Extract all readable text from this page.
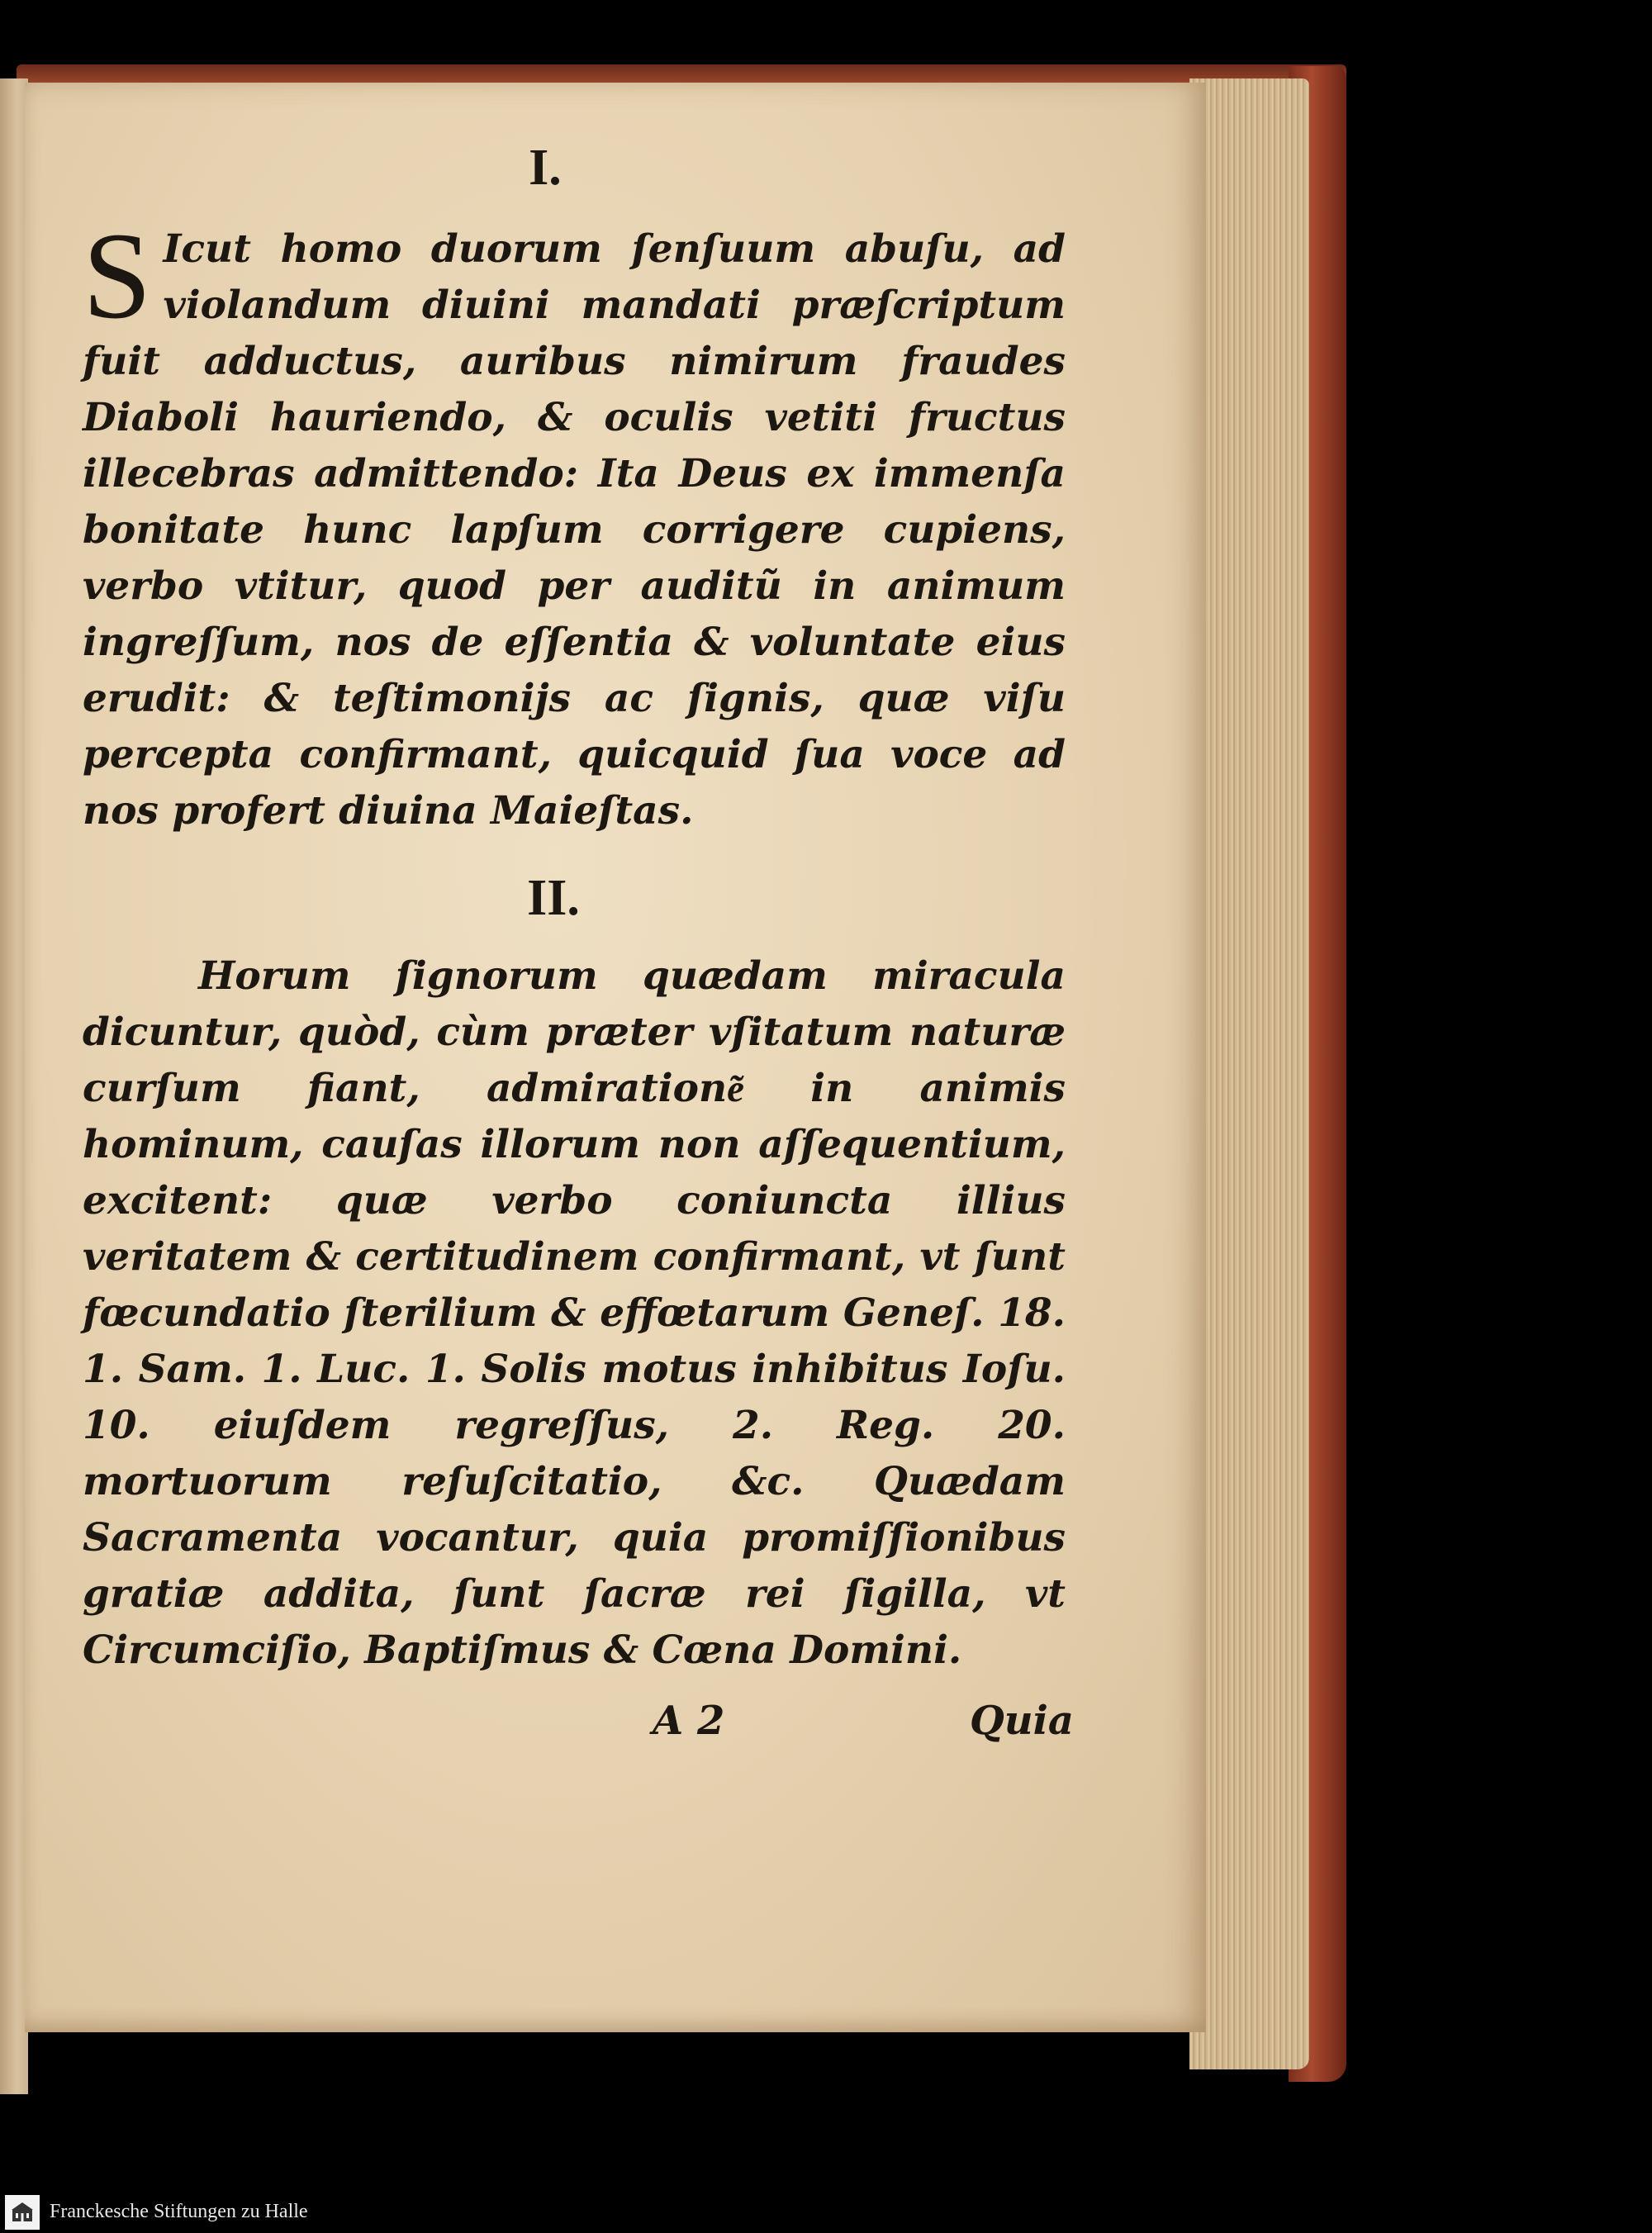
I.
S Icut homo duorum ſenſuum abuſu, ad violandum diuini mandati præſcriptum fuit adductus, auribus nimirum fraudes Diaboli hauriendo, & oculis vetiti fructus illecebras admittendo: Ita Deus ex immenſa bonitate hunc lapſum corrigere cupiens, verbo vtitur, quod per auditũ in animum ingreſſum, nos de eſſentia & voluntate eius erudit: & teſtimonijs ac ſignis, quæ viſu percepta confirmant, quicquid ſua voce ad nos profert diuina Maieſtas.
II.
Horum ſignorum quædam miracula dicuntur, quòd, cùm præter vſitatum naturæ curſum fiant, admiratione͂ in animis hominum, cauſas illorum non aſſequentium, excitent: quæ verbo coniuncta illius veritatem & certitudinem confirmant, vt ſunt fœcundatio ſterilium & effœtarum Geneſ. 18. 1. Sam. 1. Luc. 1. Solis motus inhibitus Ioſu. 10. eiuſdem regreſſus, 2. Reg. 20. mortuorum reſuſcitatio, &c. Quædam Sacramenta vocantur, quia promiſſionibus gratiæ addita, ſunt ſacræ rei ſigilla, vt Circumciſio, Baptiſmus & Cœna Domini.
A 2	Quia
Franckesche Stiftungen zu Halle
